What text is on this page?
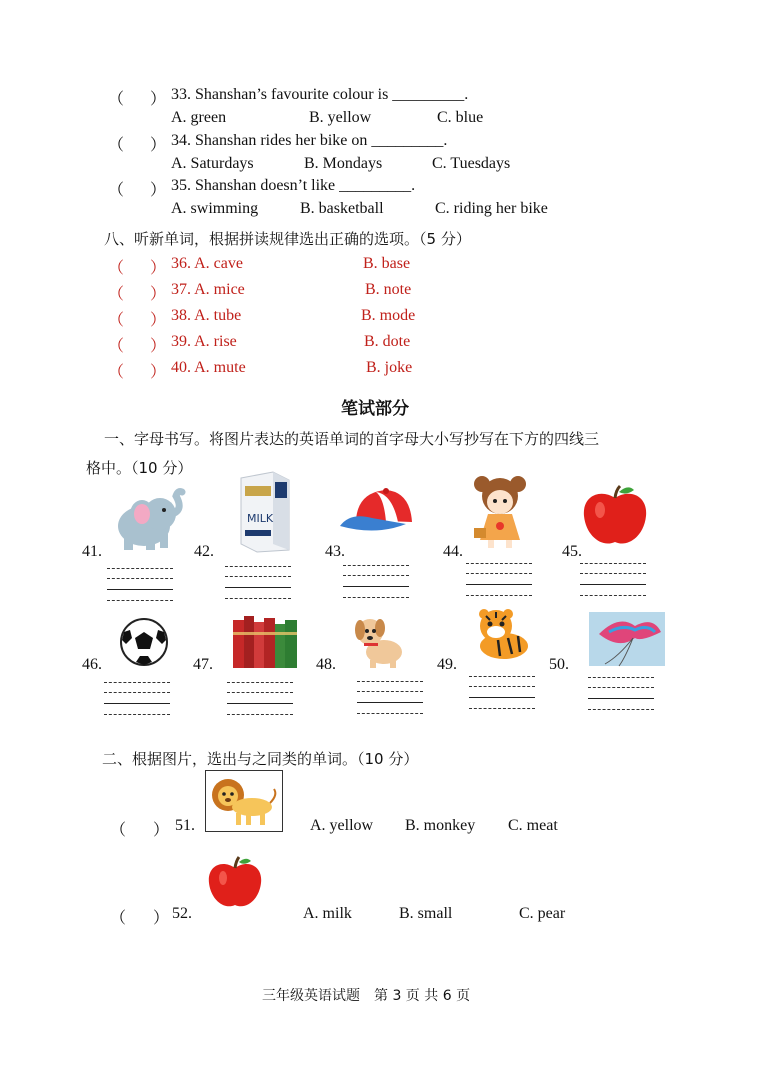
（ ） 33. Shanshan’s favourite colour is _________.
A. green	B. yellow	C. blue
（ ） 34. Shanshan rides her bike on _________.
A. Saturdays	B. Mondays	C. Tuesdays
（ ） 35. Shanshan doesn’t like _________.
A. swimming	B. basketball	C. riding her bike
八、听新单词，根据拼读规律选出正确的选项。（5 分）
（ ） 36. A. cave	B. base
（ ） 37. A. mice	B. note
（ ） 38. A. tube	B. mode
（ ） 39. A. rise	B. dote
（ ） 40. A. mute	B. joke
笔试部分
一、字母书写。将图片表达的英语单词的首字母大小写抄写在下方的四线三
格中。（10 分）
MILK
41.	42.	43.	44.	45.
46.	47.	48.	49.	50.
二、根据图片，选出与之同类的单词。（10 分）
（ ） 51.	A. yellow B. monkey C. meat
（ ） 52.	A. milk	B. small	C. pear
三年级英语试题　第 3 页 共 6 页
